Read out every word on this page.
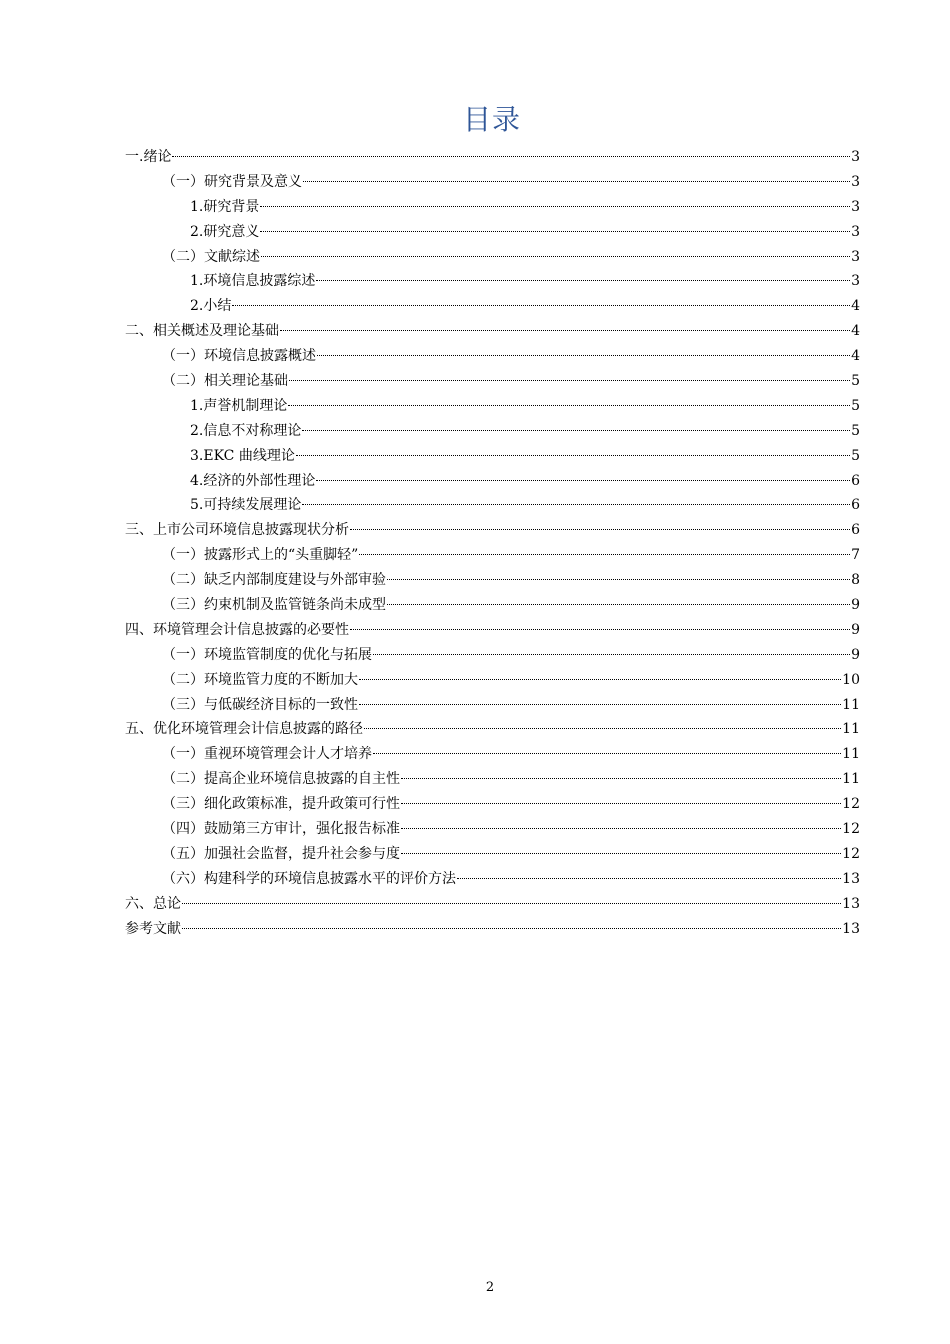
目录
一.绪论	3
（一）研究背景及意义	3
1.研究背景	3
2.研究意义	3
（二）文献综述	3
1.环境信息披露综述	3
2.小结	4
二、相关概述及理论基础	4
（一）环境信息披露概述	4
（二）相关理论基础	5
1.声誉机制理论	5
2.信息不对称理论	5
3.EKC 曲线理论	5
4.经济的外部性理论	6
5.可持续发展理论	6
三、上市公司环境信息披露现状分析	6
（一）披露形式上的“头重脚轻”	7
（二）缺乏内部制度建设与外部审验	8
（三）约束机制及监管链条尚未成型	9
四、环境管理会计信息披露的必要性	9
（一）环境监管制度的优化与拓展	9
（二）环境监管力度的不断加大	10
（三）与低碳经济目标的一致性	11
五、优化环境管理会计信息披露的路径	11
（一）重视环境管理会计人才培养	11
（二）提高企业环境信息披露的自主性	11
（三）细化政策标准，提升政策可行性	12
（四）鼓励第三方审计，强化报告标准	12
（五）加强社会监督，提升社会参与度	12
（六）构建科学的环境信息披露水平的评价方法	13
六、总论	13
参考文献	13
2
